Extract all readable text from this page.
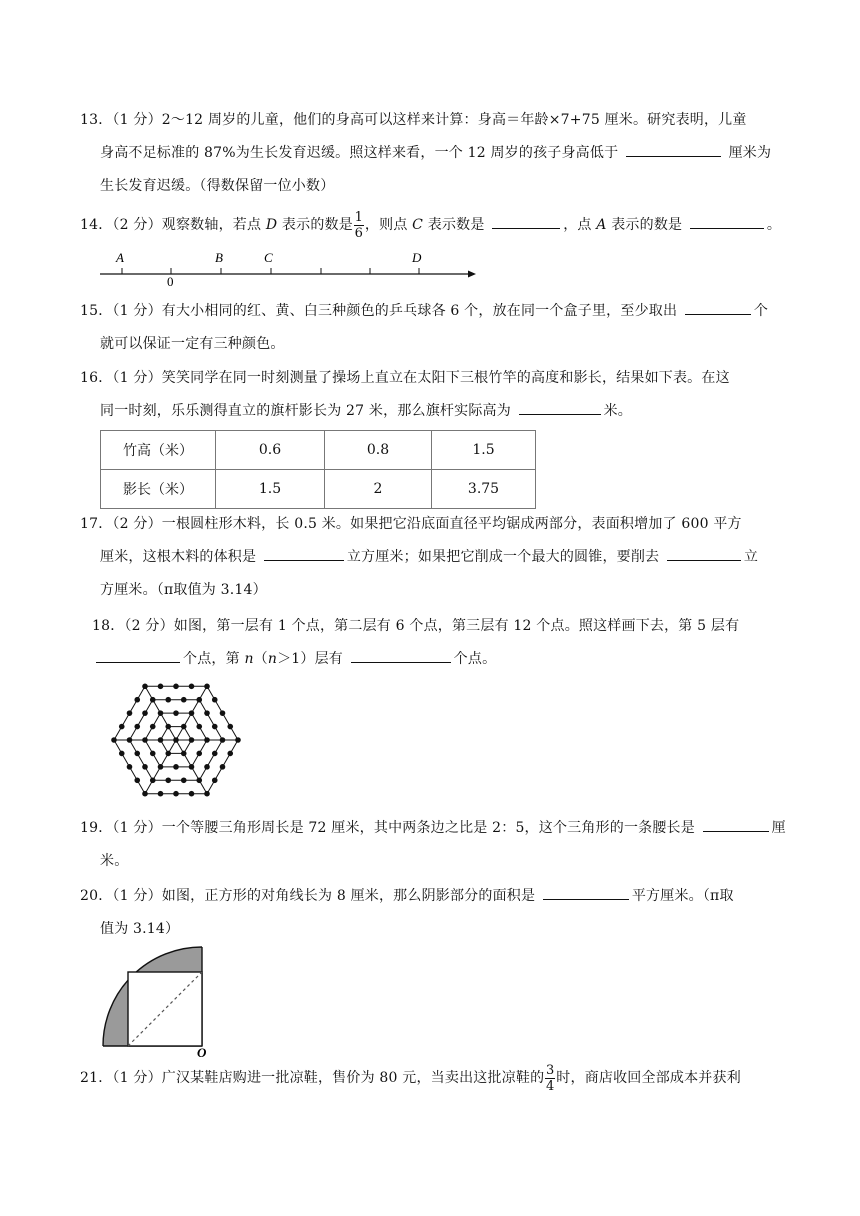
13．（1 分）2～12 周岁的儿童，他们的身高可以这样来计算：身高＝年龄×7+75 厘米。研究表明，儿童
身高不足标准的 87%为生长发育迟缓。照这样来看，一个 12 周岁的孩子身高低于	厘米为
生长发育迟缓。（得数保留一位小数）
14．（2 分）观察数轴，若点 D 表示的数是 $\frac{1}{6}$ ，则点 C 表示数是	，点 A 表示的数是	。
A
0
B	C	D
15．（1 分）有大小相同的红、黄、白三种颜色的乒乓球各 6 个，放在同一个盒子里，至少取出	个
就可以保证一定有三种颜色。
16．（1 分）笑笑同学在同一时刻测量了操场上直立在太阳下三根竹竿的高度和影长，结果如下表。在这
同一时刻，乐乐测得直立的旗杆影长为 27 米，那么旗杆实际高为	米。
竹高（米）	0.6	0.8	1.5
影长（米）	1.5	2	3.75
17．（2 分）一根圆柱形木料，长 0.5 米。如果把它沿底面直径平均锯成两部分，表面积增加了 600 平方
厘米，这根木料的体积是	立方厘米；如果把它削成一个最大的圆锥，要削去	立
方厘米。（π取值为 3.14）
18．（2 分）如图，第一层有 1 个点，第二层有 6 个点，第三层有 12 个点。照这样画下去，第 5 层有
个点，第 n（n＞1）层有	个点。
19．（1 分）一个等腰三角形周长是 72 厘米，其中两条边之比是 2：5，这个三角形的一条腰长是	厘
米。
20．（1 分）如图，正方形的对角线长为 8 厘米，那么阴影部分的面积是	平方厘米。（π取
值为 3.14）
O
21．（1 分）广汉某鞋店购进一批凉鞋，售价为 80 元，当卖出这批凉鞋的 $\frac{3}{4}$ 时，商店收回全部成本并获利
